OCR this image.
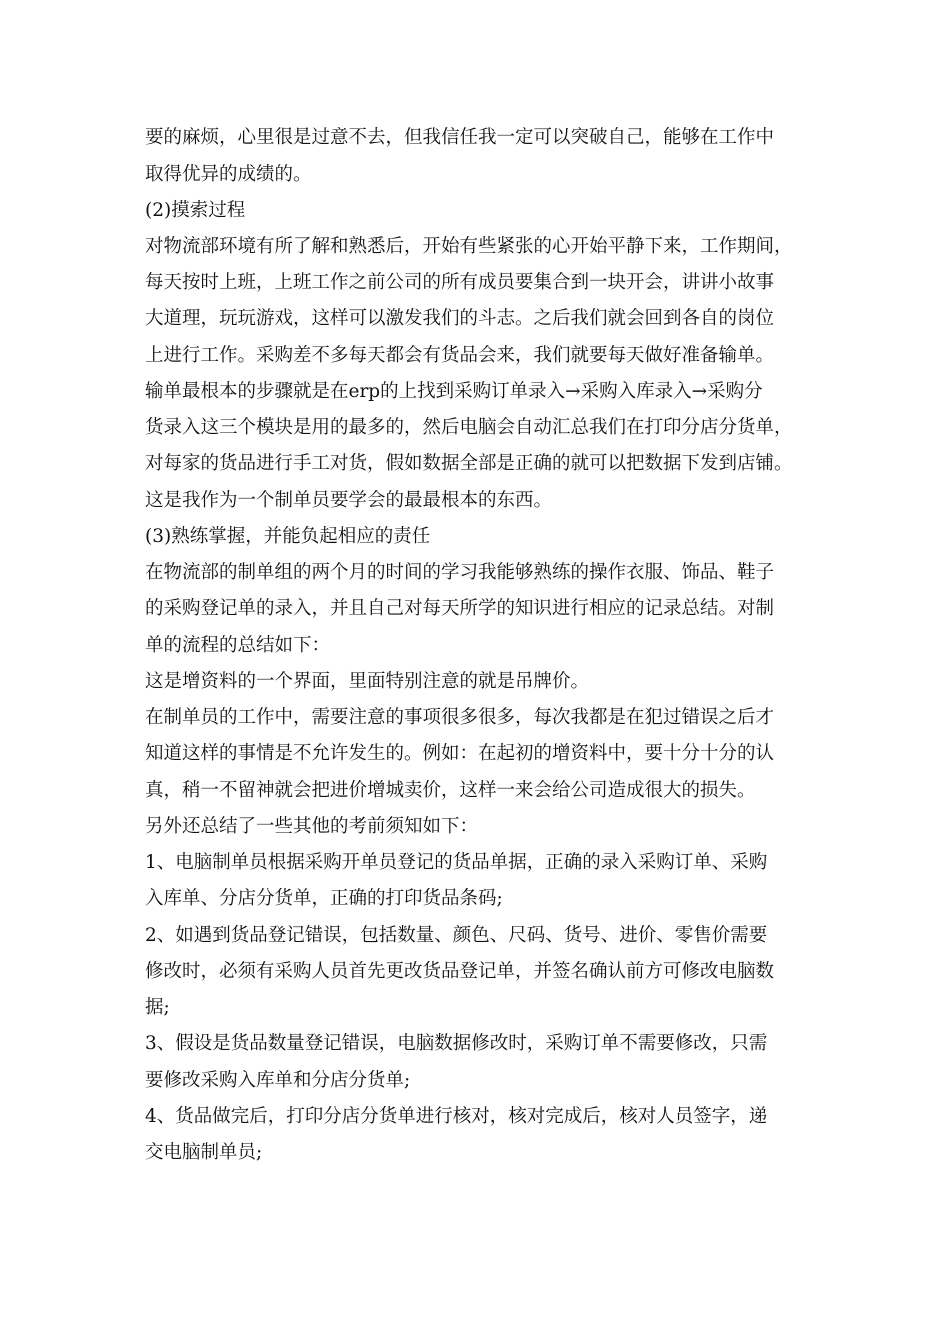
要的麻烦，心里很是过意不去，但我信任我一定可以突破自己，能够在工作中
取得优异的成绩的。
(2)摸索过程
对物流部环境有所了解和熟悉后，开始有些紧张的心开始平静下来，工作期间，
每天按时上班，上班工作之前公司的所有成员要集合到一块开会，讲讲小故事
大道理，玩玩游戏，这样可以激发我们的斗志。之后我们就会回到各自的岗位
上进行工作。采购差不多每天都会有货品会来，我们就要每天做好准备输单。
输单最根本的步骤就是在erp的上找到采购订单录入→采购入库录入→采购分
货录入这三个模块是用的最多的，然后电脑会自动汇总我们在打印分店分货单，
对每家的货品进行手工对货，假如数据全部是正确的就可以把数据下发到店铺。
这是我作为一个制单员要学会的最最根本的东西。
(3)熟练掌握，并能负起相应的责任
在物流部的制单组的两个月的时间的学习我能够熟练的操作衣服、饰品、鞋子
的采购登记单的录入，并且自己对每天所学的知识进行相应的记录总结。对制
单的流程的总结如下：
这是增资料的一个界面，里面特别注意的就是吊牌价。
在制单员的工作中，需要注意的事项很多很多，每次我都是在犯过错误之后才
知道这样的事情是不允许发生的。例如：在起初的增资料中，要十分十分的认
真，稍一不留神就会把进价增城卖价，这样一来会给公司造成很大的损失。
另外还总结了一些其他的考前须知如下：
1、电脑制单员根据采购开单员登记的货品单据，正确的录入采购订单、采购
入库单、分店分货单，正确的打印货品条码;
2、如遇到货品登记错误，包括数量、颜色、尺码、货号、进价、零售价需要
修改时，必须有采购人员首先更改货品登记单，并签名确认前方可修改电脑数
据;
3、假设是货品数量登记错误，电脑数据修改时，采购订单不需要修改，只需
要修改采购入库单和分店分货单;
4、货品做完后，打印分店分货单进行核对，核对完成后，核对人员签字，递
交电脑制单员;
